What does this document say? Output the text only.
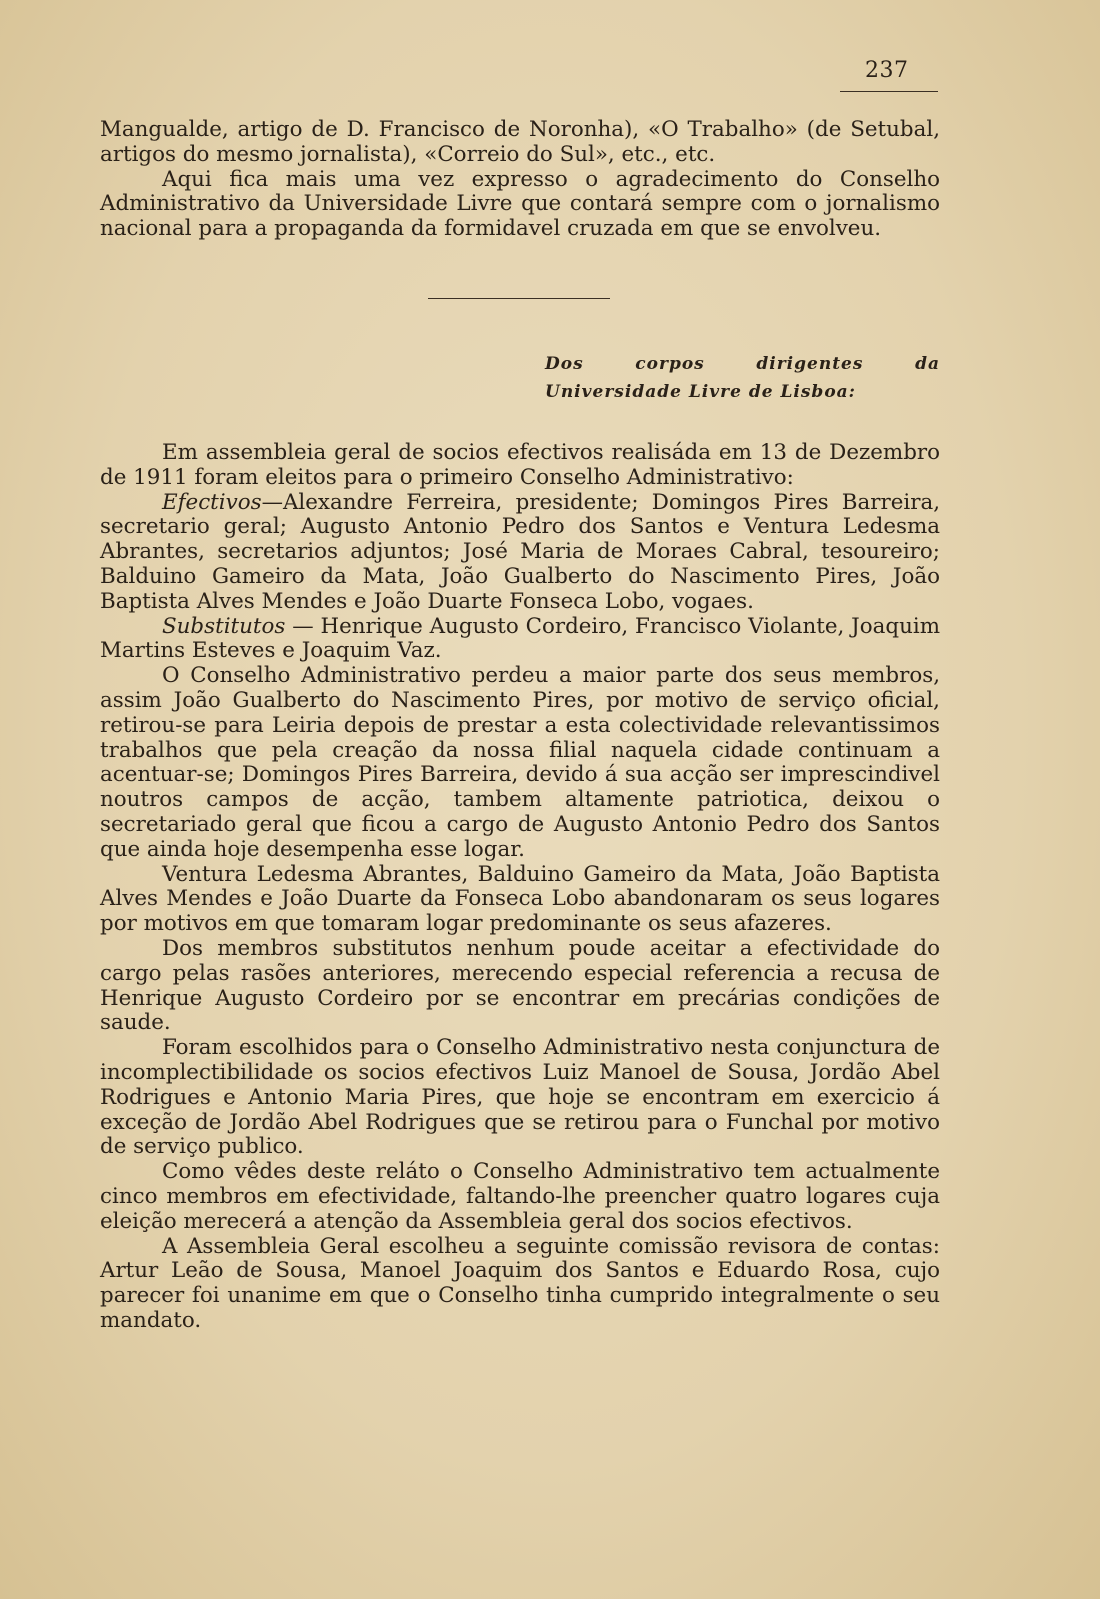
237

Mangualde, artigo de D. Francisco de Noronha), «O Trabalho» (de Setubal, artigos do mesmo jornalista), «Correio do Sul», etc., etc.

Aqui fica mais uma vez expresso o agradecimento do Conselho Administrativo da Universidade Livre que contará sempre com o jornalismo nacional para a propaganda da formidavel cruzada em que se envolveu.

Dos corpos dirigentes da Universidade Livre de Lisboa:

Em assembleia geral de socios efectivos realisáda em 13 de Dezembro de 1911 foram eleitos para o primeiro Conselho Administrativo:

Efectivos—Alexandre Ferreira, presidente; Domingos Pires Barreira, secretario geral; Augusto Antonio Pedro dos Santos e Ventura Ledesma Abrantes, secretarios adjuntos; José Maria de Moraes Cabral, tesoureiro; Balduino Gameiro da Mata, João Gualberto do Nascimento Pires, João Baptista Alves Mendes e João Duarte Fonseca Lobo, vogaes.

Substitutos — Henrique Augusto Cordeiro, Francisco Violante, Joaquim Martins Esteves e Joaquim Vaz.

O Conselho Administrativo perdeu a maior parte dos seus membros, assim João Gualberto do Nascimento Pires, por motivo de serviço oficial, retirou-se para Leiria depois de prestar a esta colectividade relevantissimos trabalhos que pela creação da nossa filial naquela cidade continuam a acentuar-se; Domingos Pires Barreira, devido á sua acção ser imprescindivel noutros campos de acção, tambem altamente patriotica, deixou o secretariado geral que ficou a cargo de Augusto Antonio Pedro dos Santos que ainda hoje desempenha esse logar.

Ventura Ledesma Abrantes, Balduino Gameiro da Mata, João Baptista Alves Mendes e João Duarte da Fonseca Lobo abandonaram os seus logares por motivos em que tomaram logar predominante os seus afazeres.

Dos membros substitutos nenhum poude aceitar a efectividade do cargo pelas rasões anteriores, merecendo especial referencia a recusa de Henrique Augusto Cordeiro por se encontrar em precárias condições de saude.

Foram escolhidos para o Conselho Administrativo nesta conjunctura de incomplectibilidade os socios efectivos Luiz Manoel de Sousa, Jordão Abel Rodrigues e Antonio Maria Pires, que hoje se encontram em exercicio á exceção de Jordão Abel Rodrigues que se retirou para o Funchal por motivo de serviço publico.

Como vêdes deste reláto o Conselho Administrativo tem actualmente cinco membros em efectividade, faltando-lhe preencher quatro logares cuja eleição merecerá a atenção da Assembleia geral dos socios efectivos.

A Assembleia Geral escolheu a seguinte comissão revisora de contas: Artur Leão de Sousa, Manoel Joaquim dos Santos e Eduardo Rosa, cujo parecer foi unanime em que o Conselho tinha cumprido integralmente o seu mandato.
